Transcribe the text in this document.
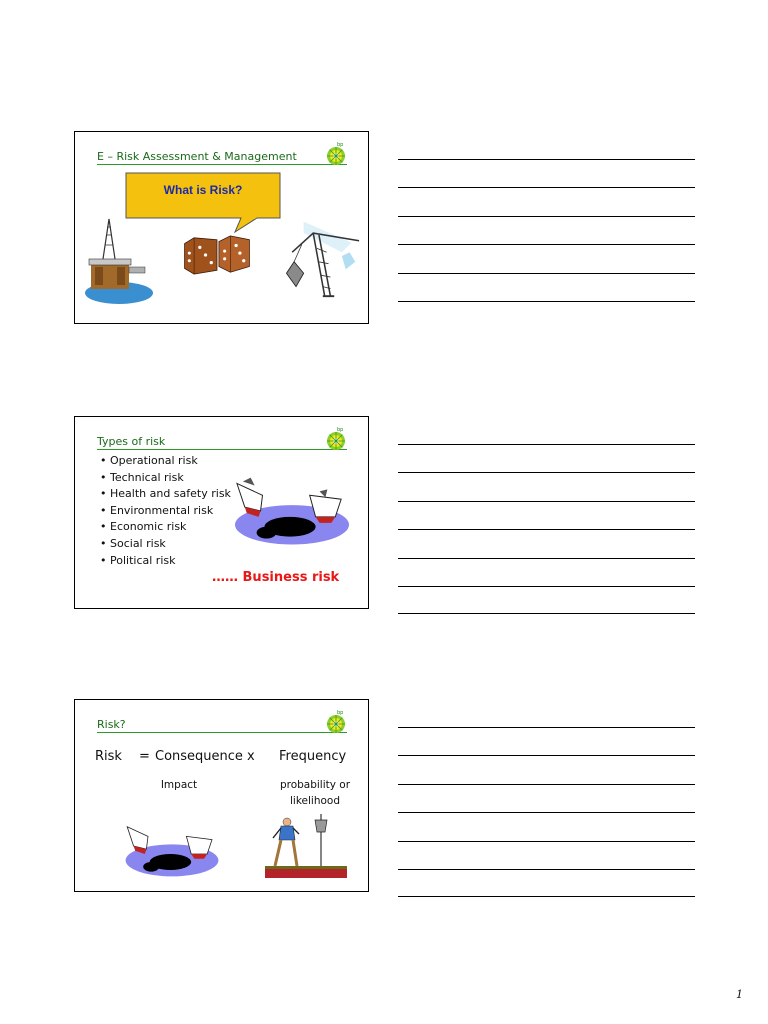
E – Risk Assessment & Management
bp
What is Risk?
Types of risk
bp
• Operational risk
• Technical risk
• Health and safety risk
• Environmental risk
• Economic risk
• Social risk
• Political risk
…… Business risk
Risk?
bp
Risk = Consequence x Frequency
Impact	probability or
likelihood
1
